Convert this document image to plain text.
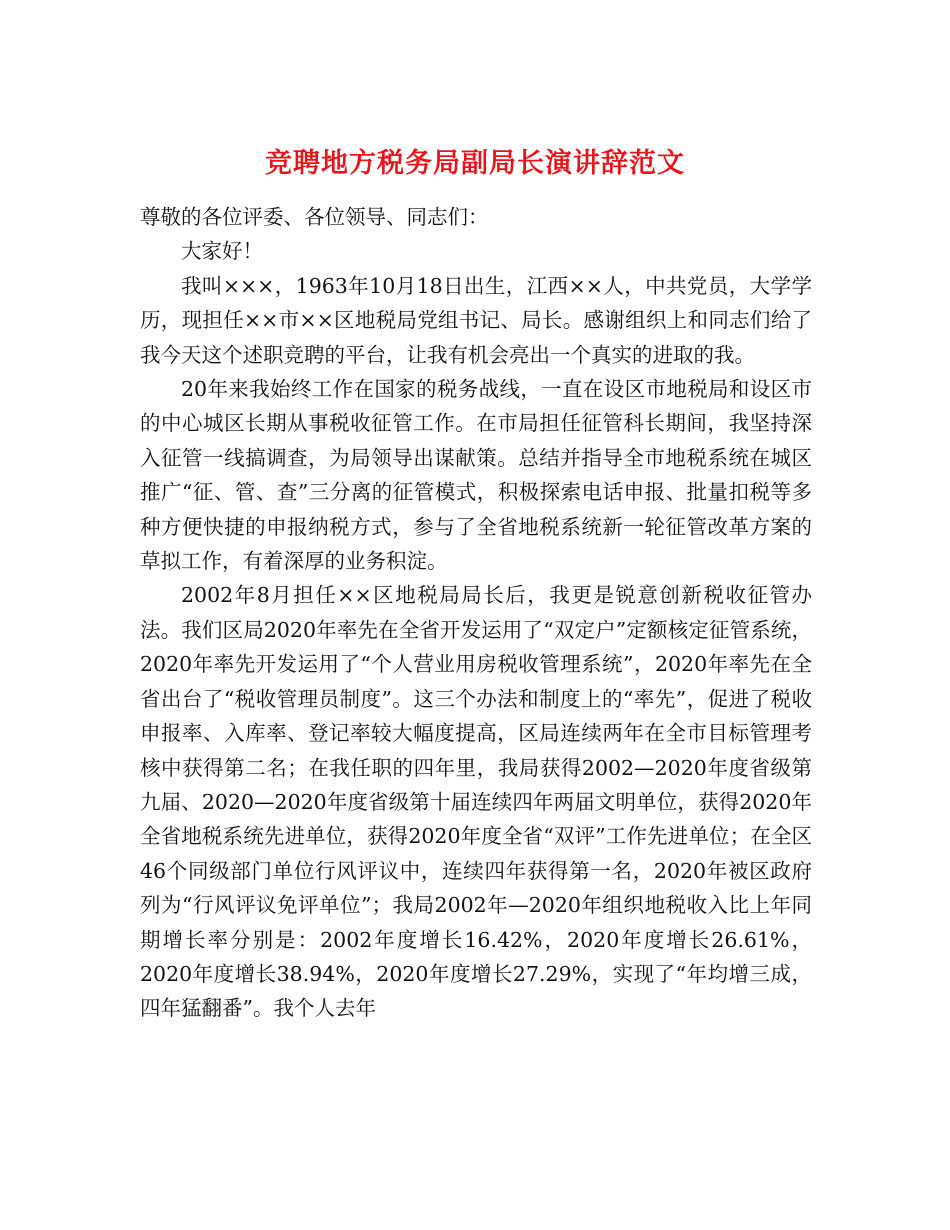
竞聘地方税务局副局长演讲辞范文

尊敬的各位评委、各位领导、同志们：

大家好！

我叫×××，1963年10月18日出生，江西××人，中共党员，大学学历，现担任××市××区地税局党组书记、局长。感谢组织上和同志们给了我今天这个述职竞聘的平台，让我有机会亮出一个真实的进取的我。

20年来我始终工作在国家的税务战线，一直在设区市地税局和设区市的中心城区长期从事税收征管工作。在市局担任征管科长期间，我坚持深入征管一线搞调查，为局领导出谋献策。总结并指导全市地税系统在城区推广“征、管、查”三分离的征管模式，积极探索电话申报、批量扣税等多种方便快捷的申报纳税方式，参与了全省地税系统新一轮征管改革方案的草拟工作，有着深厚的业务积淀。

2002年8月担任××区地税局局长后，我更是锐意创新税收征管办法。我们区局2020年率先在全省开发运用了“双定户”定额核定征管系统，2020年率先开发运用了“个人营业用房税收管理系统”，2020年率先在全省出台了“税收管理员制度”。这三个办法和制度上的“率先”，促进了税收申报率、入库率、登记率较大幅度提高，区局连续两年在全市目标管理考核中获得第二名；在我任职的四年里，我局获得2002—2020年度省级第九届、2020—2020年度省级第十届连续四年两届文明单位，获得2020年全省地税系统先进单位，获得2020年度全省“双评”工作先进单位；在全区46个同级部门单位行风评议中，连续四年获得第一名，2020年被区政府列为“行风评议免评单位”；我局2002年—2020年组织地税收入比上年同期增长率分别是：2002年度增长16.42%，2020年度增长26.61%，2020年度增长38.94%，2020年度增长27.29%，实现了“年均增三成，四年猛翻番”。我个人去年
